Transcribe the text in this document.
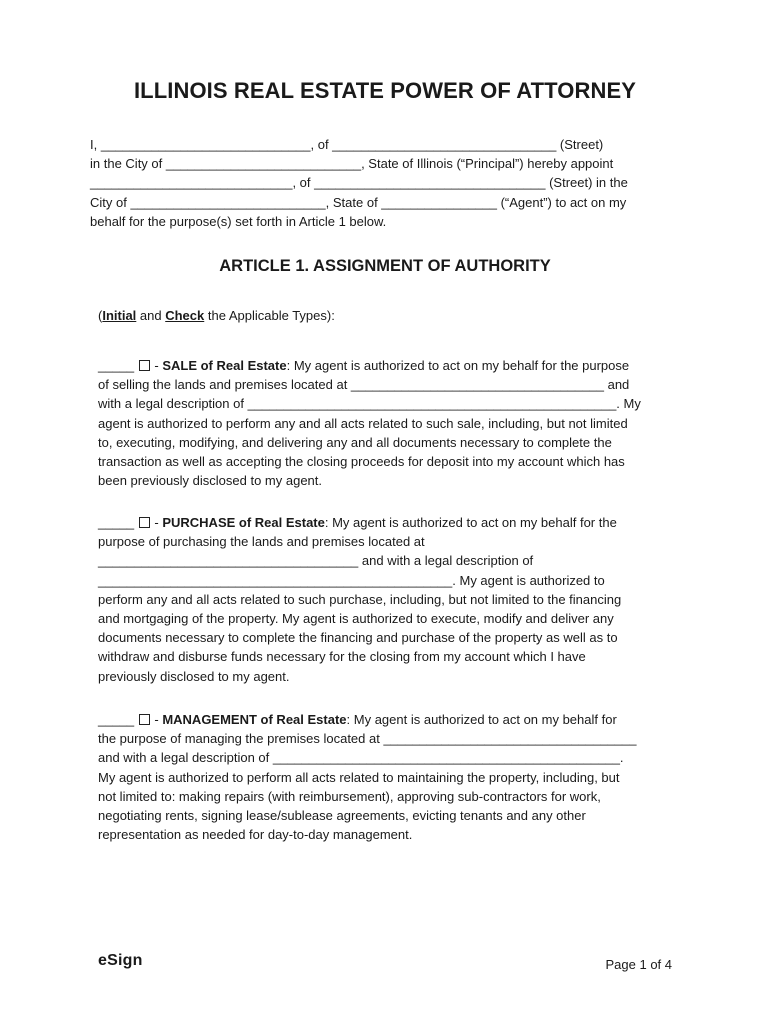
ILLINOIS REAL ESTATE POWER OF ATTORNEY
I, _____________________________, of _______________________________ (Street)
in the City of ___________________________, State of Illinois (“Principal”) hereby appoint
____________________________, of ________________________________ (Street) in the
City of ___________________________, State of ________________ (“Agent”) to act on my
behalf for the purpose(s) set forth in Article 1 below.
ARTICLE 1. ASSIGNMENT OF AUTHORITY
(Initial and Check the Applicable Types):
_____  - SALE of Real Estate: My agent is authorized to act on my behalf for the purpose
of selling the lands and premises located at ___________________________________ and
with a legal description of ___________________________________________________. My
agent is authorized to perform any and all acts related to such sale, including, but not limited
to, executing, modifying, and delivering any and all documents necessary to complete the
transaction as well as accepting the closing proceeds for deposit into my account which has
been previously disclosed to my agent.
_____  - PURCHASE of Real Estate: My agent is authorized to act on my behalf for the
purpose of purchasing the lands and premises located at
____________________________________ and with a legal description of
_________________________________________________. My agent is authorized to
perform any and all acts related to such purchase, including, but not limited to the financing
and mortgaging of the property. My agent is authorized to execute, modify and deliver any
documents necessary to complete the financing and purchase of the property as well as to
withdraw and disburse funds necessary for the closing from my account which I have
previously disclosed to my agent.
_____  - MANAGEMENT of Real Estate: My agent is authorized to act on my behalf for
the purpose of managing the premises located at ___________________________________
and with a legal description of ________________________________________________.
My agent is authorized to perform all acts related to maintaining the property, including, but
not limited to: making repairs (with reimbursement), approving sub-contractors for work,
negotiating rents, signing lease/sublease agreements, evicting tenants and any other
representation as needed for day-to-day management.
eSign	Page 1 of 4
